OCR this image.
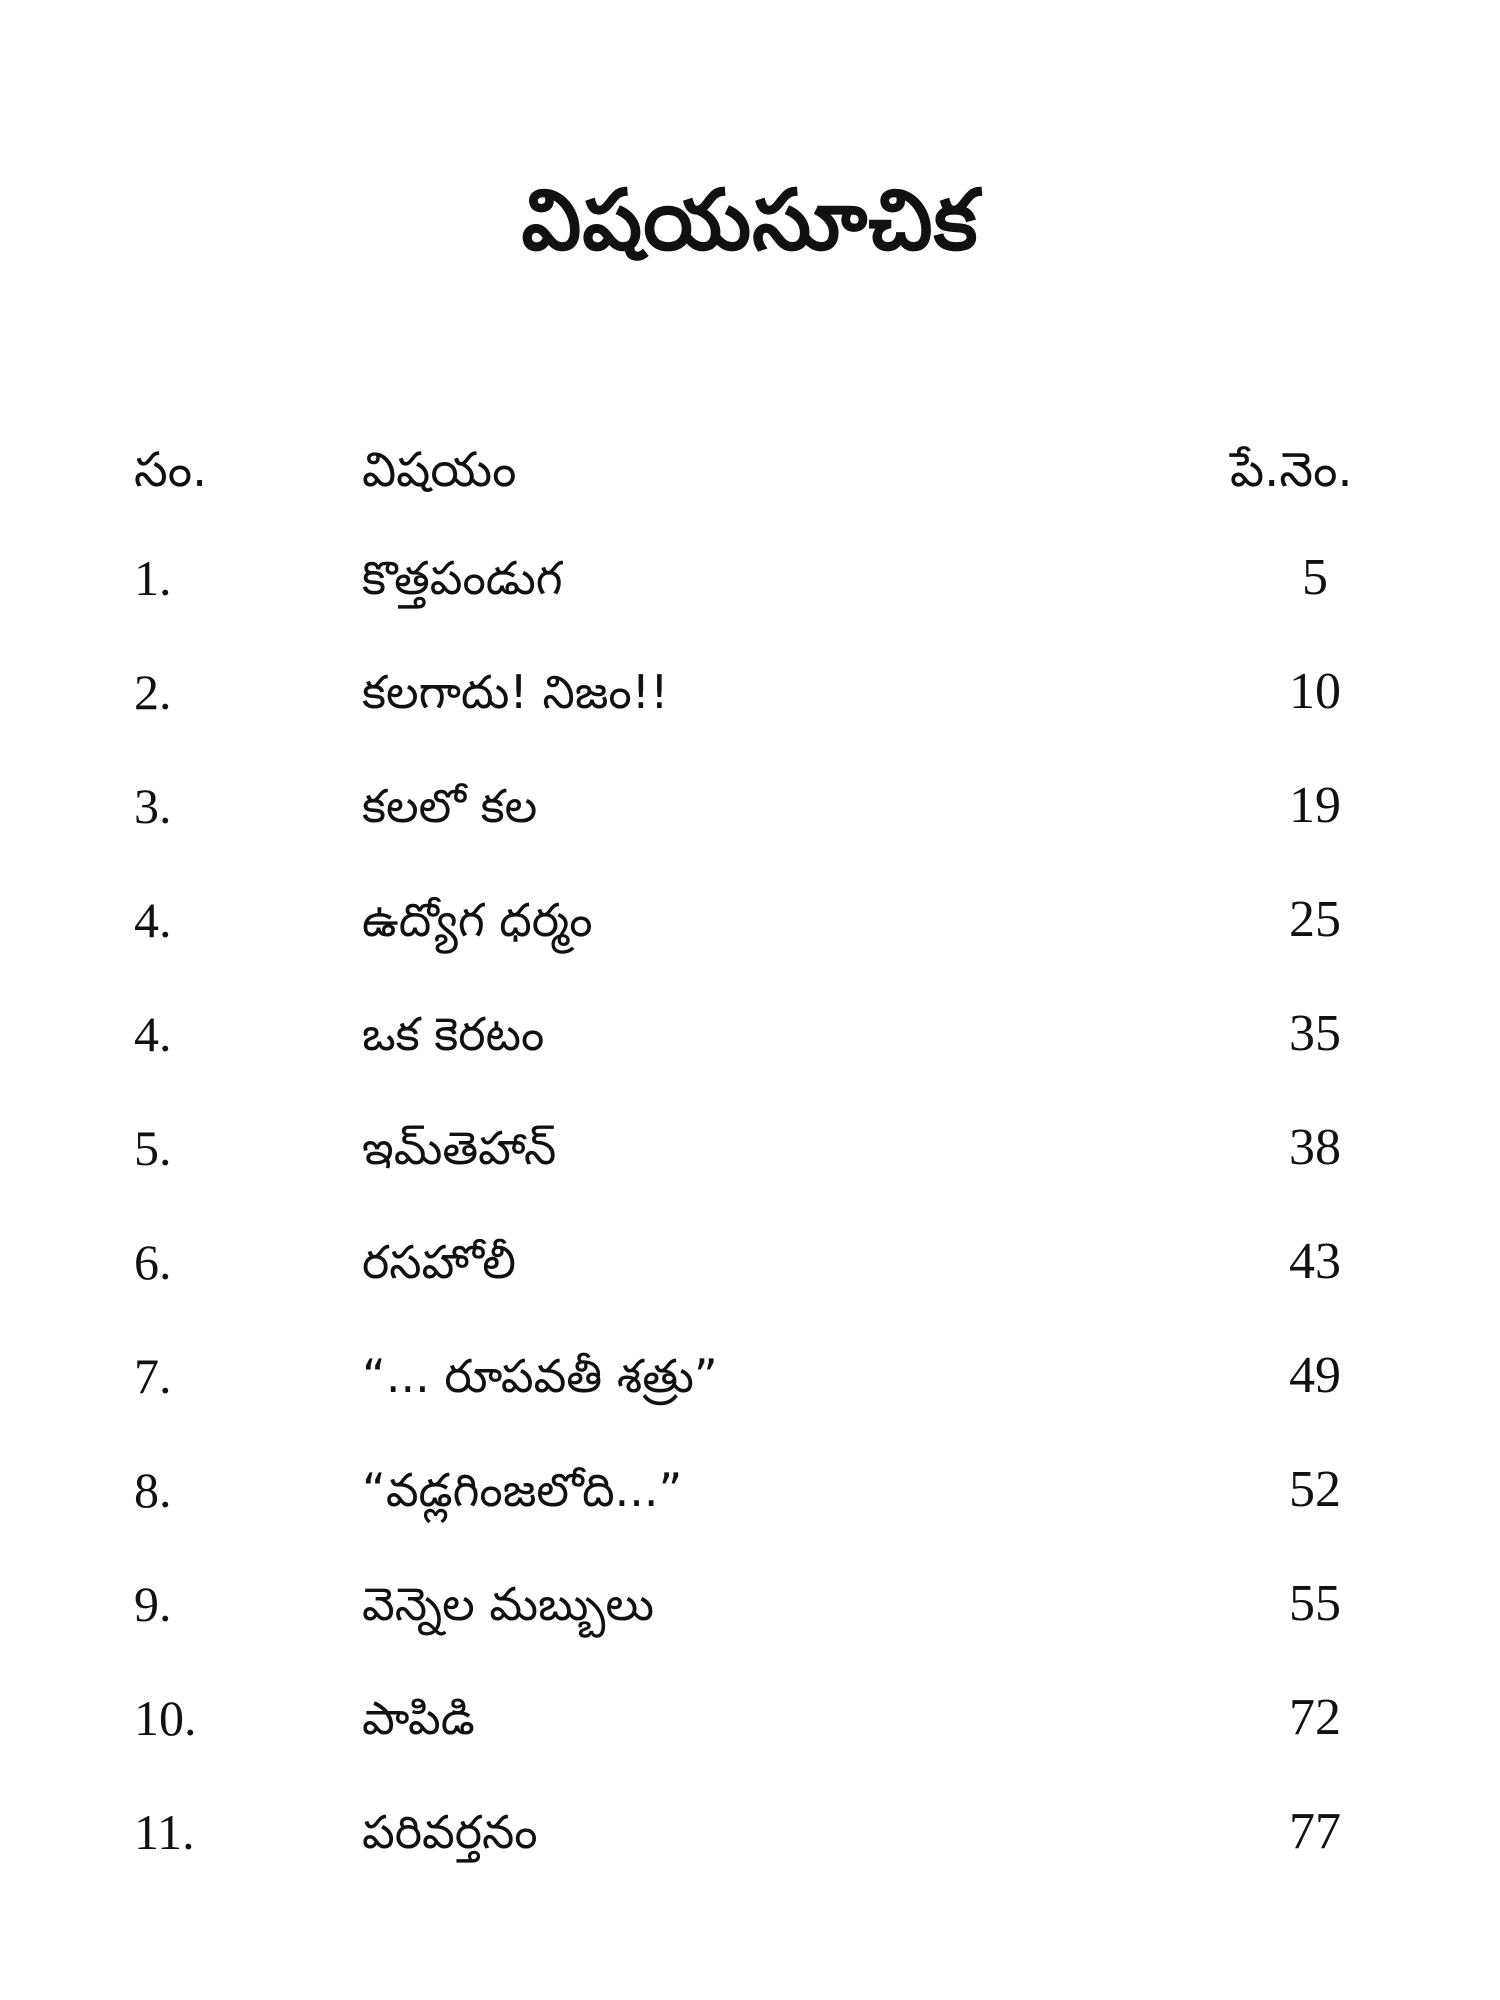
విషయసూచిక
సం.	విషయం	పే.నెం.
1.	కొత్తపండుగ	5
2.	కలగాదు! నిజం!!	10
3.	కలలో కల	19
4.	ఉద్యోగ ధర్మం	25
4.	ఒక కెరటం	35
5.	ఇమ్‌తెహాన్	38
6.	రసహోలీ	43
7.	“... రూపవతీ శత్రు”	49
8.	“వడ్లగింజలోది...”	52
9.	వెన్నెల మబ్బులు	55
10.	పాపిడి	72
11.	పరివర్తనం	77
